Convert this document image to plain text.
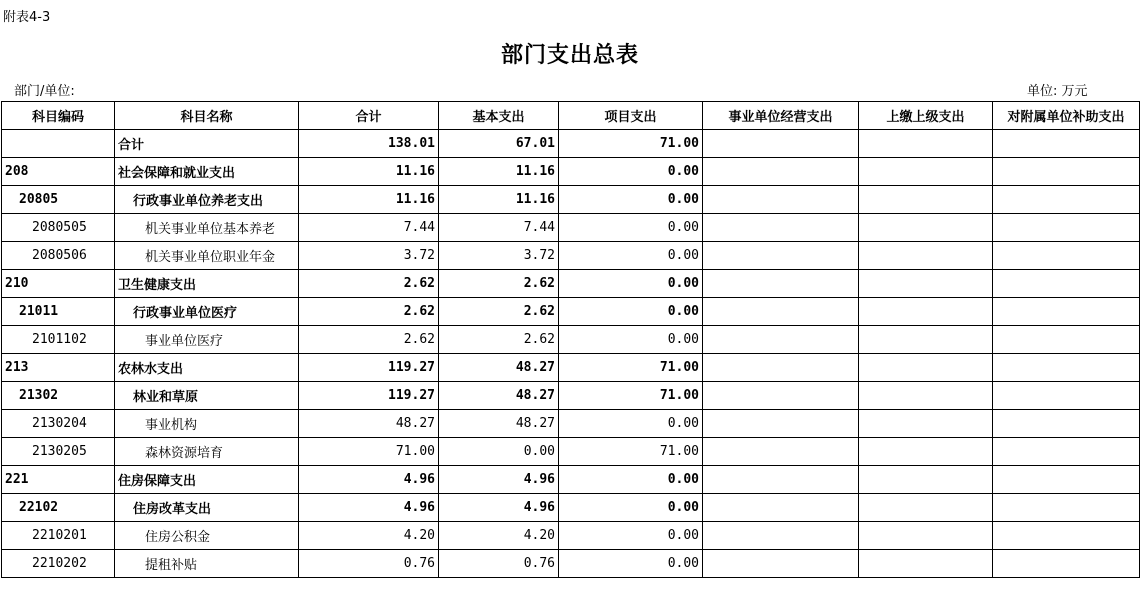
附表4-3
部门支出总表
部门/单位:	单位: 万元
科目编码	科目名称	合计	基本支出	项目支出	事业单位经营支出	上缴上级支出	对附属单位补助支出
	合计	138.01	67.01	71.00			
208	社会保障和就业支出	11.16	11.16	0.00			
20805	行政事业单位养老支出	11.16	11.16	0.00			
2080505	机关事业单位基本养老	7.44	7.44	0.00			
2080506	机关事业单位职业年金	3.72	3.72	0.00			
210	卫生健康支出	2.62	2.62	0.00			
21011	行政事业单位医疗	2.62	2.62	0.00			
2101102	事业单位医疗	2.62	2.62	0.00			
213	农林水支出	119.27	48.27	71.00			
21302	林业和草原	119.27	48.27	71.00			
2130204	事业机构	48.27	48.27	0.00			
2130205	森林资源培育	71.00	0.00	71.00			
221	住房保障支出	4.96	4.96	0.00			
22102	住房改革支出	4.96	4.96	0.00			
2210201	住房公积金	4.20	4.20	0.00			
2210202	提租补贴	0.76	0.76	0.00			
